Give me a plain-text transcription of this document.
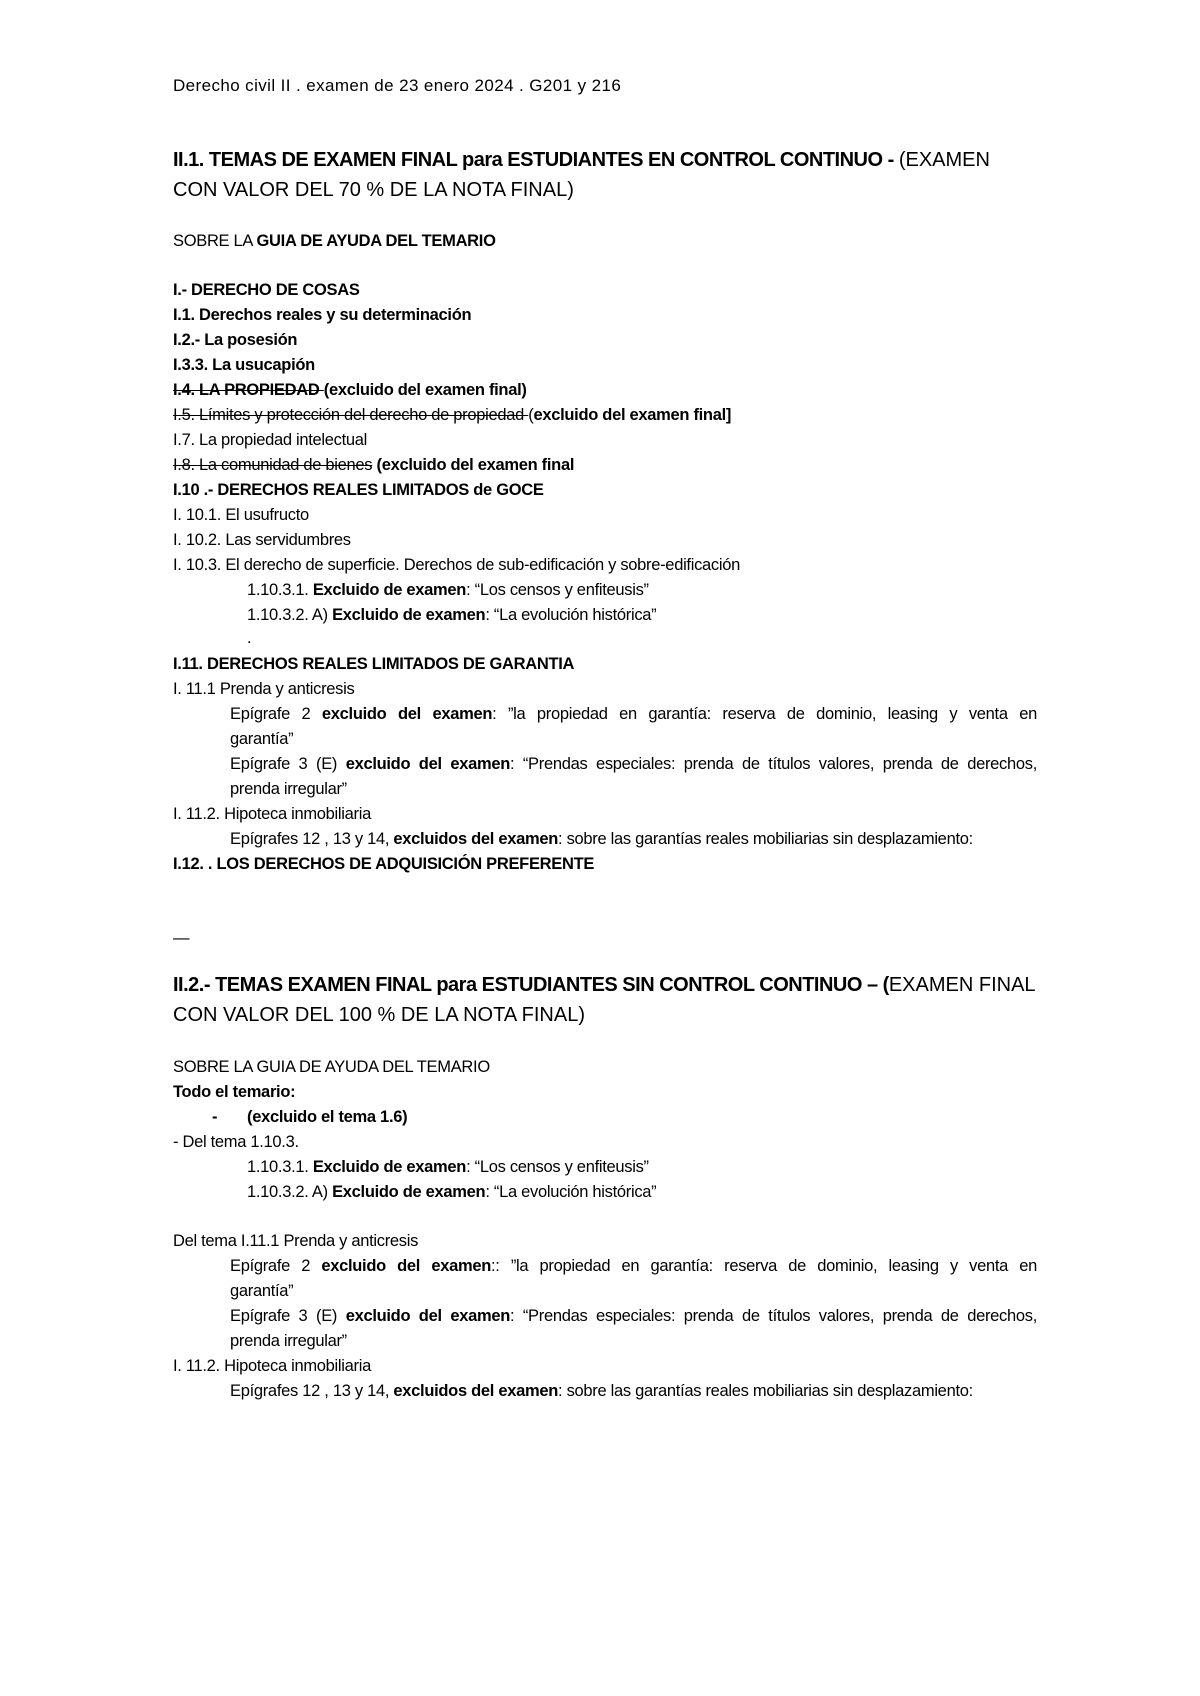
Derecho civil II . examen de 23 enero 2024 . G201 y 216
II.1. TEMAS DE EXAMEN FINAL para ESTUDIANTES EN CONTROL CONTINUO - (EXAMEN
CON VALOR DEL 70 % DE LA NOTA FINAL)
SOBRE LA GUIA DE AYUDA DEL TEMARIO
I.- DERECHO DE COSAS
I.1. Derechos reales y su determinación
I.2.- La posesión
I.3.3. La usucapión
I.4. LA PROPIEDAD (excluido del examen final)
I.5. Límites y protección del derecho de propiedad (excluido del examen final]
I.7. La propiedad intelectual
I.8. La comunidad de bienes (excluido del examen final
I.10 .- DERECHOS REALES LIMITADOS de GOCE
I. 10.1. El usufructo
I. 10.2. Las servidumbres
I. 10.3. El derecho de superficie. Derechos de sub-edificación y sobre-edificación
1.10.3.1. Excluido de examen: “Los censos y enfiteusis”
1.10.3.2. A) Excluido de examen: “La evolución histórica”
.
I.11. DERECHOS REALES LIMITADOS DE GARANTIA
I. 11.1 Prenda y anticresis
Epígrafe 2 excluido del examen: ”la propiedad en garantía: reserva de dominio, leasing y venta en
garantía”
Epígrafe 3 (E) excluido del examen: “Prendas especiales: prenda de títulos valores, prenda de derechos,
prenda irregular”
I. 11.2. Hipoteca inmobiliaria
Epígrafes 12 , 13 y 14, excluidos del examen: sobre las garantías reales mobiliarias sin desplazamiento:
I.12. . LOS DERECHOS DE ADQUISICIÓN PREFERENTE
—
II.2.- TEMAS EXAMEN FINAL para ESTUDIANTES SIN CONTROL CONTINUO – (EXAMEN FINAL
CON VALOR DEL 100 % DE LA NOTA FINAL)
SOBRE LA GUIA DE AYUDA DEL TEMARIO
Todo el temario:
- (excluido el tema 1.6)
- Del tema 1.10.3.
1.10.3.1. Excluido de examen: “Los censos y enfiteusis”
1.10.3.2. A) Excluido de examen: “La evolución histórica”
Del tema I.11.1 Prenda y anticresis
Epígrafe 2 excluido del examen:: ”la propiedad en garantía: reserva de dominio, leasing y venta en
garantía”
Epígrafe 3 (E) excluido del examen: “Prendas especiales: prenda de títulos valores, prenda de derechos,
prenda irregular”
I. 11.2. Hipoteca inmobiliaria
Epígrafes 12 , 13 y 14, excluidos del examen: sobre las garantías reales mobiliarias sin desplazamiento:
